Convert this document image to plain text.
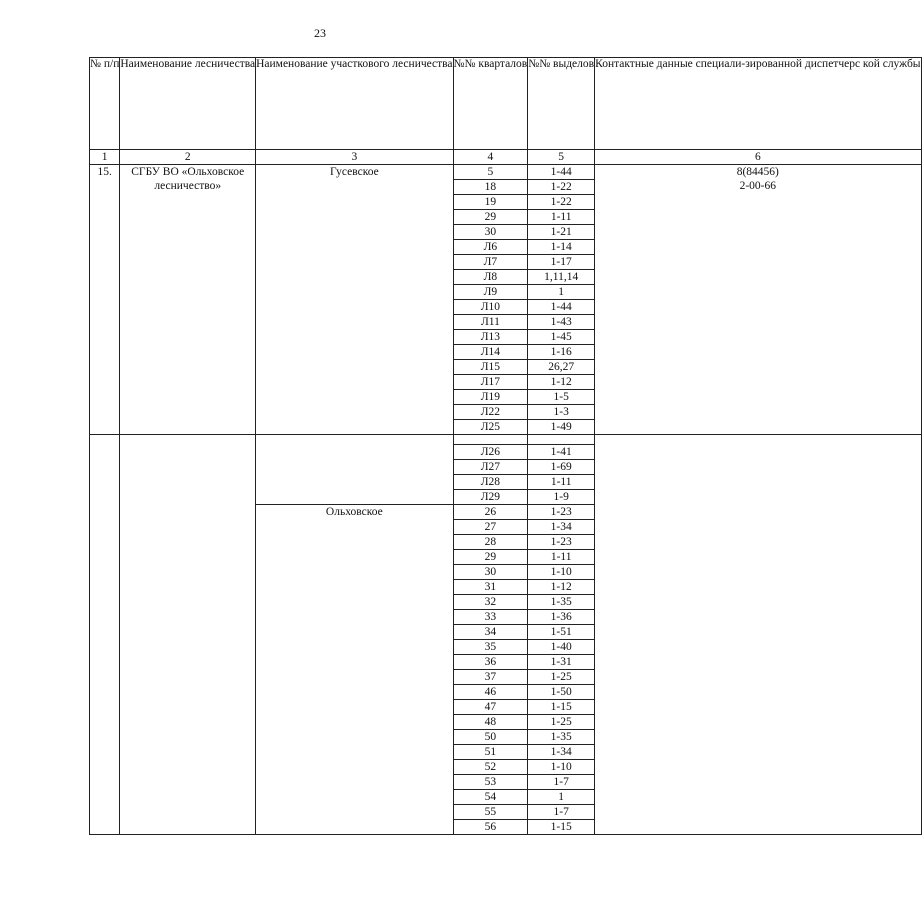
23
№ п/п	Наименование лесничества	Наименование участкового лесничества	№№ кварталов	№№ выделов	Контактные данные специали-зированной диспетчерс кой службы
1	2	3	4	5	6
15.	СГБУ ВО «Ольховское лесничество»	Гусевское	5	1-44	8(84456)
2-00-66

			18	1-22	
			19	1-22	
			29	1-11	
			30	1-21	
			Л6	1-14	
			Л7	1-17	
			Л8	1,11,14	
			Л9	1	
			Л10	1-44	
			Л11	1-43	
			Л13	1-45	
			Л14	1-16	
			Л15	26,27	
			Л17	1-12	
			Л19	1-5	
			Л22	1-3	
			Л25	1-49	

			Л26	1-41	
			Л27	1-69	
			Л28	1-11	
			Л29	1-9	
		Ольховское	26	1-23	
			27	1-34	
			28	1-23	
			29	1-11	
			30	1-10	
			31	1-12	
			32	1-35	
			33	1-36	
			34	1-51	
			35	1-40	
			36	1-31	
			37	1-25	
			46	1-50	
			47	1-15	
			48	1-25	
			50	1-35	
			51	1-34	
			52	1-10	
			53	1-7	
			54	1	
			55	1-7	
			56	1-15	
